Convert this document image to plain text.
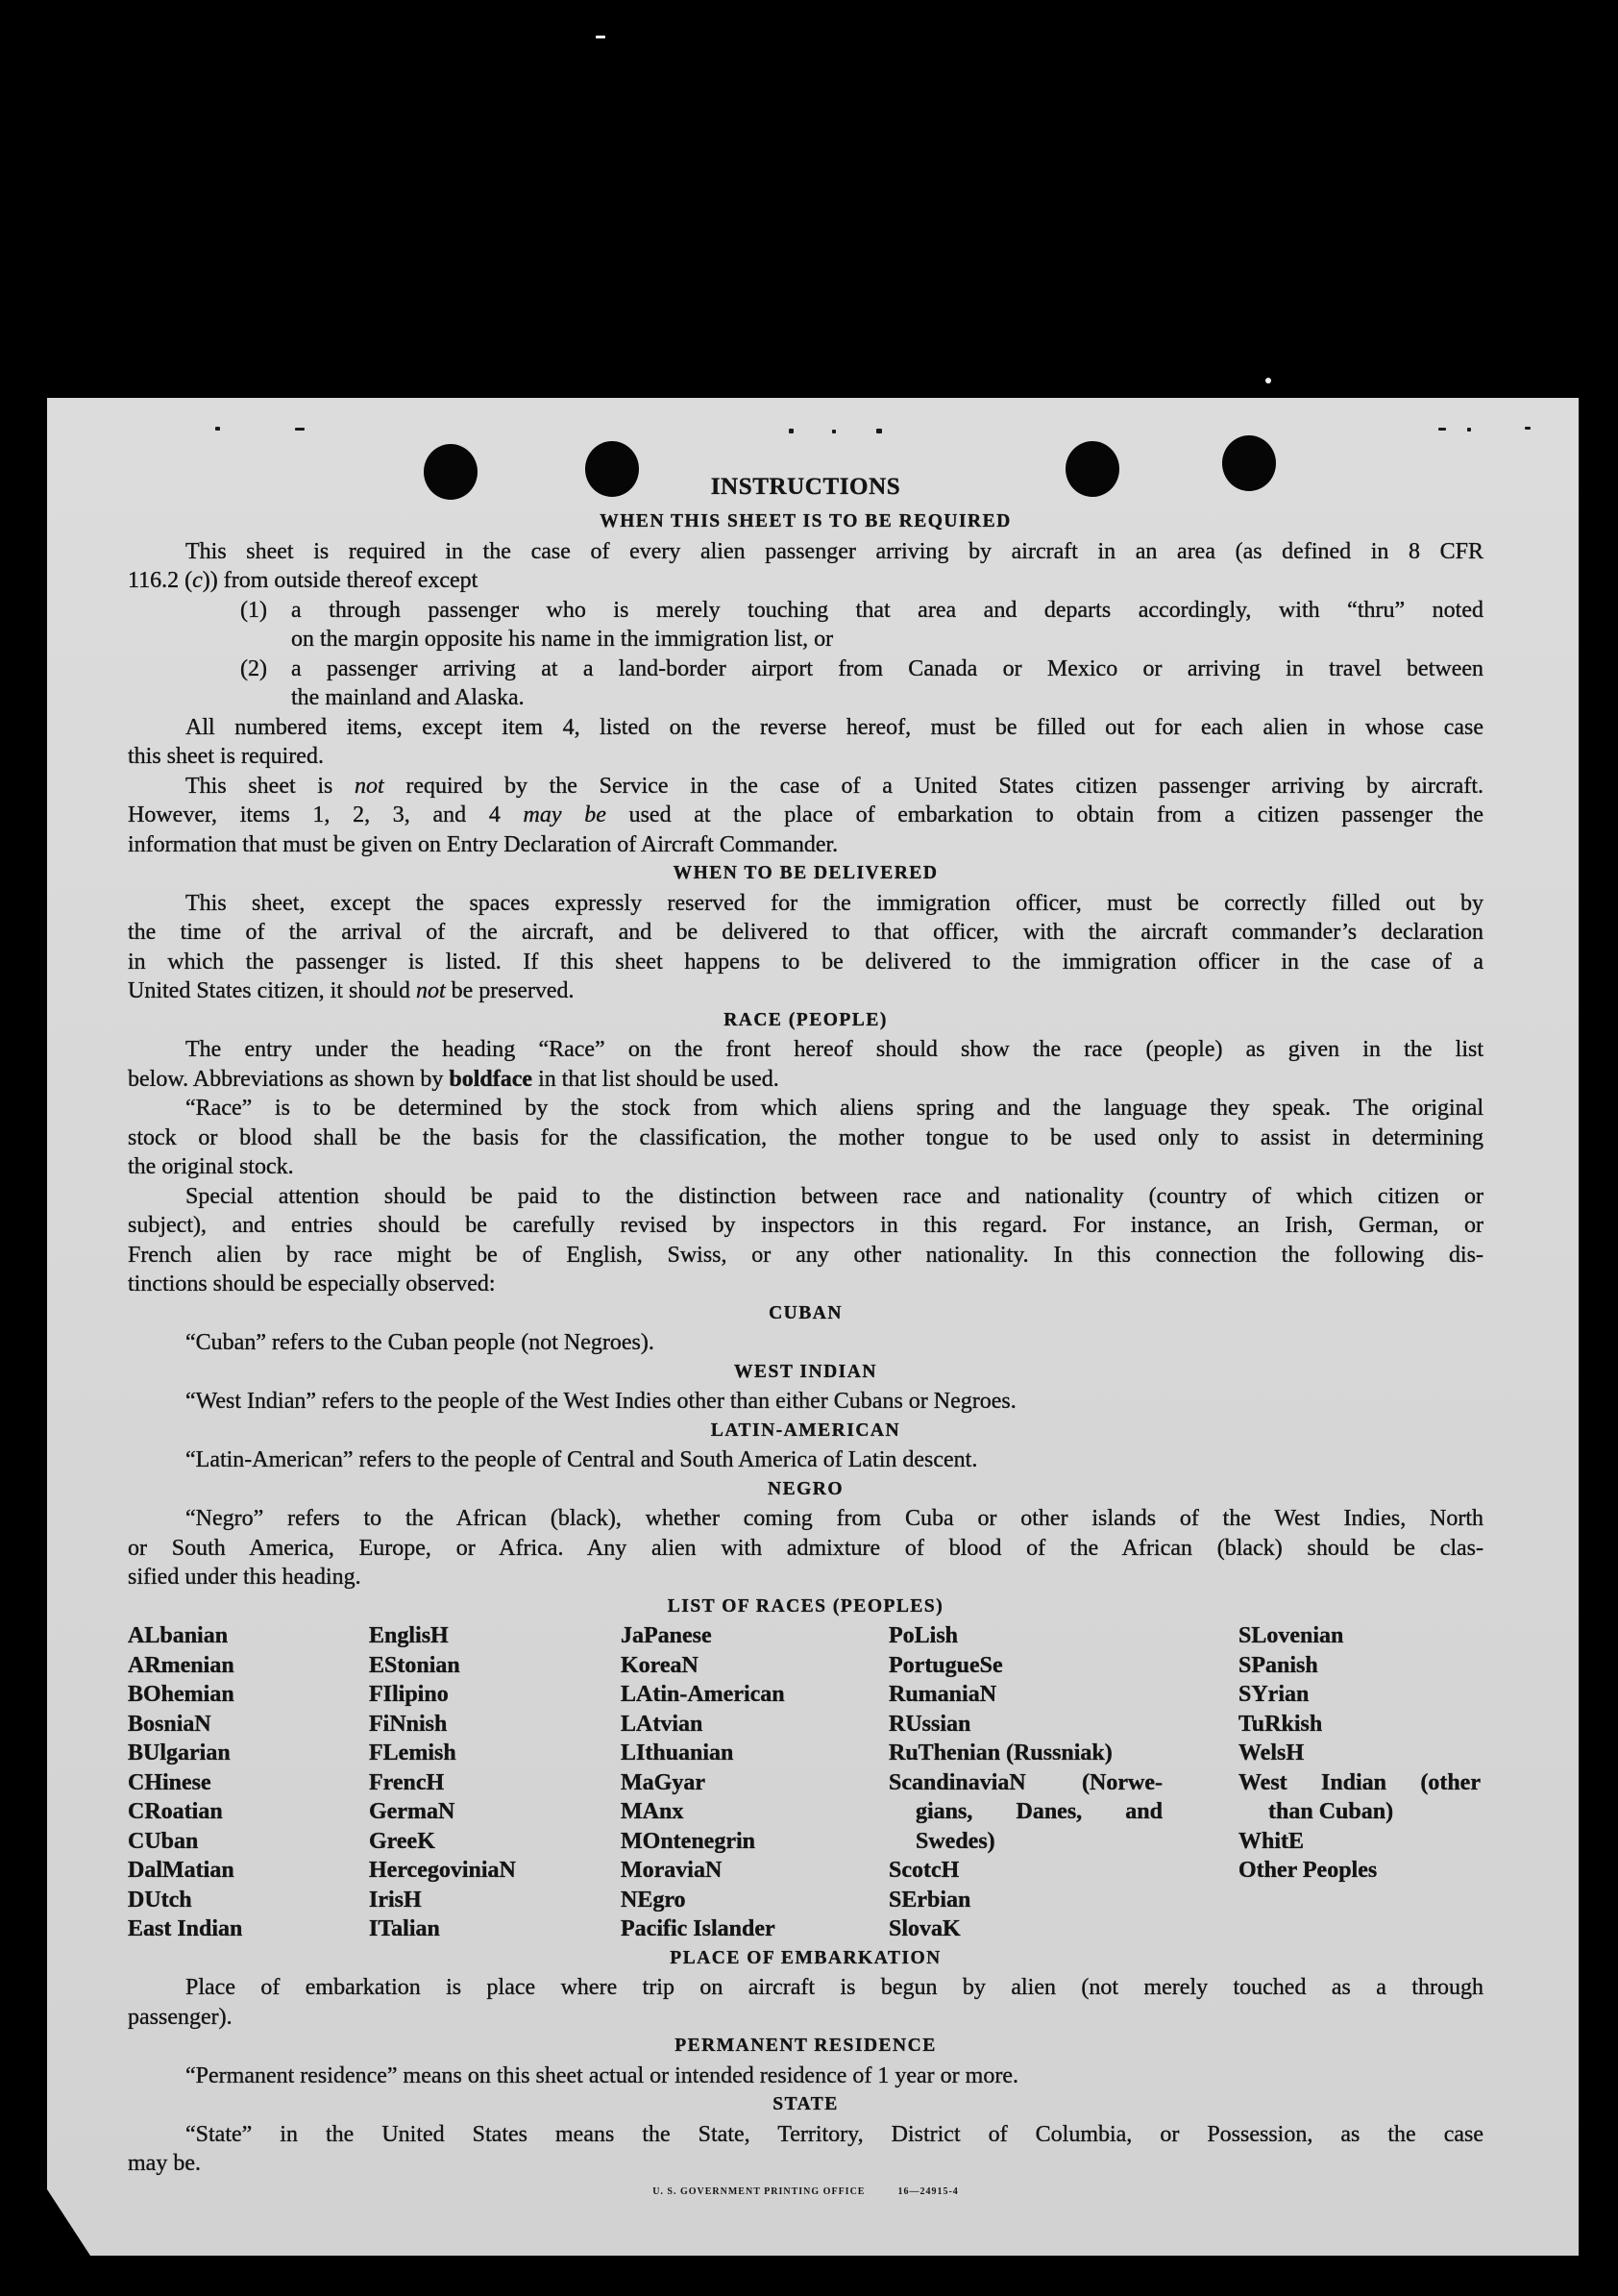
INSTRUCTIONS
WHEN THIS SHEET IS TO BE REQUIRED
This sheet is required in the case of every alien passenger arriving by aircraft in an area (as defined in 8 CFR
116.2 (c)) from outside thereof except
(1) a through passenger who is merely touching that area and departs accordingly, with “thru” noted
on the margin opposite his name in the immigration list, or
(2) a passenger arriving at a land-border airport from Canada or Mexico or arriving in travel between
the mainland and Alaska.
All numbered items, except item 4, listed on the reverse hereof, must be filled out for each alien in whose case
this sheet is required.
This sheet is not required by the Service in the case of a United States citizen passenger arriving by aircraft.
However, items 1, 2, 3, and 4 may be used at the place of embarkation to obtain from a citizen passenger the
information that must be given on Entry Declaration of Aircraft Commander.
WHEN TO BE DELIVERED
This sheet, except the spaces expressly reserved for the immigration officer, must be correctly filled out by
the time of the arrival of the aircraft, and be delivered to that officer, with the aircraft commander’s declaration
in which the passenger is listed. If this sheet happens to be delivered to the immigration officer in the case of a
United States citizen, it should not be preserved.
RACE (PEOPLE)
The entry under the heading “Race” on the front hereof should show the race (people) as given in the list
below. Abbreviations as shown by boldface in that list should be used.
“Race” is to be determined by the stock from which aliens spring and the language they speak. The original
stock or blood shall be the basis for the classification, the mother tongue to be used only to assist in determining
the original stock.
Special attention should be paid to the distinction between race and nationality (country of which citizen or
subject), and entries should be carefully revised by inspectors in this regard. For instance, an Irish, German, or
French alien by race might be of English, Swiss, or any other nationality. In this connection the following dis-
tinctions should be especially observed:
CUBAN
“Cuban” refers to the Cuban people (not Negroes).
WEST INDIAN
“West Indian” refers to the people of the West Indies other than either Cubans or Negroes.
LATIN-AMERICAN
“Latin-American” refers to the people of Central and South America of Latin descent.
NEGRO
“Negro” refers to the African (black), whether coming from Cuba or other islands of the West Indies, North
or South America, Europe, or Africa. Any alien with admixture of blood of the African (black) should be clas-
sified under this heading.
LIST OF RACES (PEOPLES)
ALbanian
ARmenian
BOhemian
BosniaN
BUlgarian
CHinese
CRoatian
CUban
DalMatian
DUtch
East Indian
EnglisH
EStonian
FIlipino
FiNnish
FLemish
FrencH
GermaN
GreeK
HercegoviniaN
IrisH
ITalian
JaPanese
KoreaN
LAtin-American
LAtvian
LIthuanian
MaGyar
MAnx
MOntenegrin
MoraviaN
NEgro
Pacific Islander
PoLish
PortugueSe
RumaniaN
RUssian
RuThenian (Russniak)
ScandinaviaN (Norwe-
gians, Danes, and
Swedes)
ScotcH
SErbian
SlovaK
SLovenian
SPanish
SYrian
TuRkish
WelsH
West Indian (other
than Cuban)
WhitE
Other Peoples
PLACE OF EMBARKATION
Place of embarkation is place where trip on aircraft is begun by alien (not merely touched as a through
passenger).
PERMANENT RESIDENCE
“Permanent residence” means on this sheet actual or intended residence of 1 year or more.
STATE
“State” in the United States means the State, Territory, District of Columbia, or Possession, as the case
may be.
U. S. GOVERNMENT PRINTING OFFICE	16—24915-4
